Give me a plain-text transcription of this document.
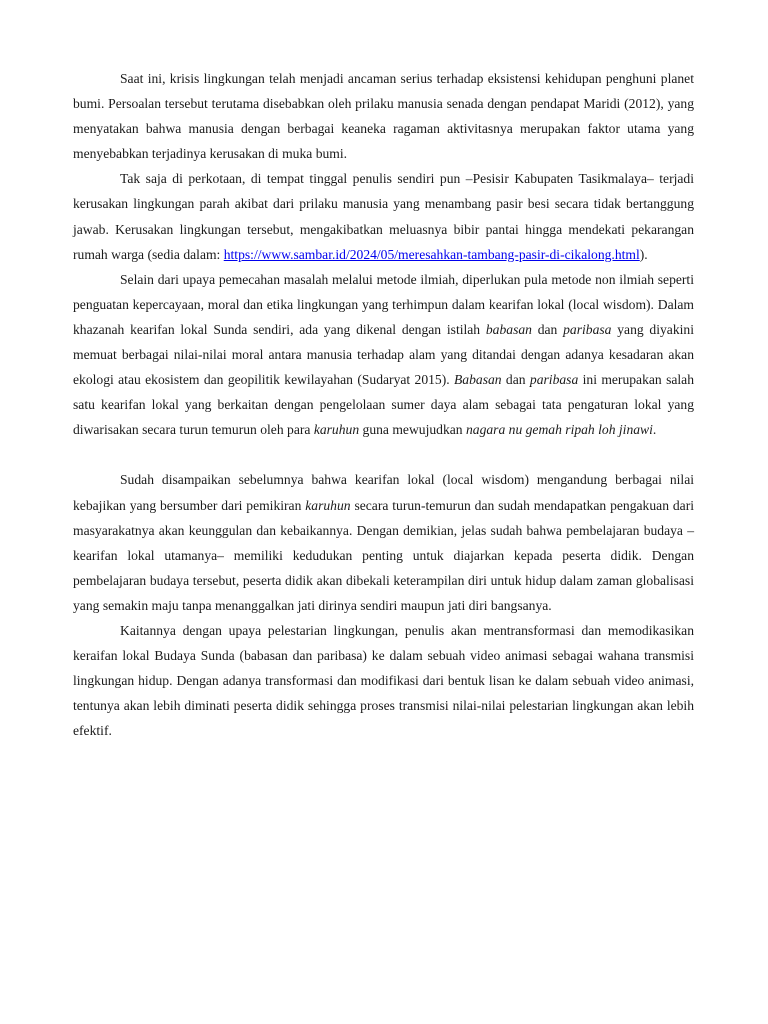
Saat ini, krisis lingkungan telah menjadi ancaman serius terhadap eksistensi kehidupan penghuni planet bumi. Persoalan tersebut terutama disebabkan oleh prilaku manusia senada dengan pendapat Maridi (2012), yang menyatakan bahwa manusia dengan berbagai keaneka ragaman aktivitasnya merupakan faktor utama yang menyebabkan terjadinya kerusakan di muka bumi.

Tak saja di perkotaan, di tempat tinggal penulis sendiri pun –Pesisir Kabupaten Tasikmalaya– terjadi kerusakan lingkungan parah akibat dari prilaku manusia yang menambang pasir besi secara tidak bertanggung jawab. Kerusakan lingkungan tersebut, mengakibatkan meluasnya bibir pantai hingga mendekati pekarangan rumah warga (sedia dalam: https://www.sambar.id/2024/05/meresahkan-tambang-pasir-di-cikalong.html).

Selain dari upaya pemecahan masalah melalui metode ilmiah, diperlukan pula metode non ilmiah seperti penguatan kepercayaan, moral dan etika lingkungan yang terhimpun dalam kearifan lokal (local wisdom). Dalam khazanah kearifan lokal Sunda sendiri, ada yang dikenal dengan istilah babasan dan paribasa yang diyakini memuat berbagai nilai-nilai moral antara manusia terhadap alam yang ditandai dengan adanya kesadaran akan ekologi atau ekosistem dan geopilitik kewilayahan (Sudaryat 2015). Babasan dan paribasa ini merupakan salah satu kearifan lokal yang berkaitan dengan pengelolaan sumer daya alam sebagai tata pengaturan lokal yang diwarisakan secara turun temurun oleh para karuhun guna mewujudkan nagara nu gemah ripah loh jinawi.

Sudah disampaikan sebelumnya bahwa kearifan lokal (local wisdom) mengandung berbagai nilai kebajikan yang bersumber dari pemikiran karuhun secara turun-temurun dan sudah mendapatkan pengakuan dari masyarakatnya akan keunggulan dan kebaikannya. Dengan demikian, jelas sudah bahwa pembelajaran budaya –kearifan lokal utamanya– memiliki kedudukan penting untuk diajarkan kepada peserta didik. Dengan pembelajaran budaya tersebut, peserta didik akan dibekali keterampilan diri untuk hidup dalam zaman globalisasi yang semakin maju tanpa menanggalkan jati dirinya sendiri maupun jati diri bangsanya.

Kaitannya dengan upaya pelestarian lingkungan, penulis akan mentransformasi dan memodikasikan keraifan lokal Budaya Sunda (babasan dan paribasa) ke dalam sebuah video animasi sebagai wahana transmisi lingkungan hidup. Dengan adanya transformasi dan modifikasi dari bentuk lisan ke dalam sebuah video animasi, tentunya akan lebih diminati peserta didik sehingga proses transmisi nilai-nilai pelestarian lingkungan akan lebih efektif.
